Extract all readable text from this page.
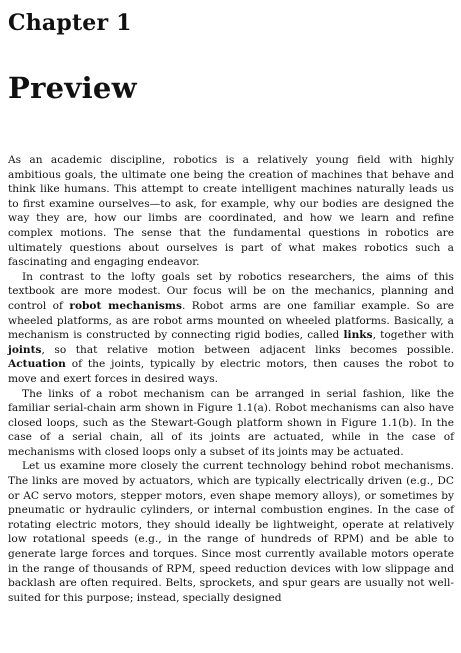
Chapter 1
Preview

As an academic discipline, robotics is a relatively young field with highly ambitious goals, the ultimate one being the creation of machines that behave and think like humans. This attempt to create intelligent machines naturally leads us to first examine ourselves—to ask, for example, why our bodies are designed the way they are, how our limbs are coordinated, and how we learn and refine complex motions. The sense that the fundamental questions in robotics are ultimately questions about ourselves is part of what makes robotics such a fascinating and engaging endeavor.

In contrast to the lofty goals set by robotics researchers, the aims of this textbook are more modest. Our focus will be on the mechanics, planning and control of robot mechanisms. Robot arms are one familiar example. So are wheeled platforms, as are robot arms mounted on wheeled platforms. Basically, a mechanism is constructed by connecting rigid bodies, called links, together with joints, so that relative motion between adjacent links becomes possible. Actuation of the joints, typically by electric motors, then causes the robot to move and exert forces in desired ways.

The links of a robot mechanism can be arranged in serial fashion, like the familiar serial-chain arm shown in Figure 1.1(a). Robot mechanisms can also have closed loops, such as the Stewart-Gough platform shown in Figure 1.1(b). In the case of a serial chain, all of its joints are actuated, while in the case of mechanisms with closed loops only a subset of its joints may be actuated.

Let us examine more closely the current technology behind robot mechanisms. The links are moved by actuators, which are typically electrically driven (e.g., DC or AC servo motors, stepper motors, even shape memory alloys), or sometimes by pneumatic or hydraulic cylinders, or internal combustion engines. In the case of rotating electric motors, they should ideally be lightweight, operate at relatively low rotational speeds (e.g., in the range of hundreds of RPM) and be able to generate large forces and torques. Since most currently available motors operate in the range of thousands of RPM, speed reduction devices with low slippage and backlash are often required. Belts, sprockets, and spur gears are usually not well-suited for this purpose; instead, specially designed
